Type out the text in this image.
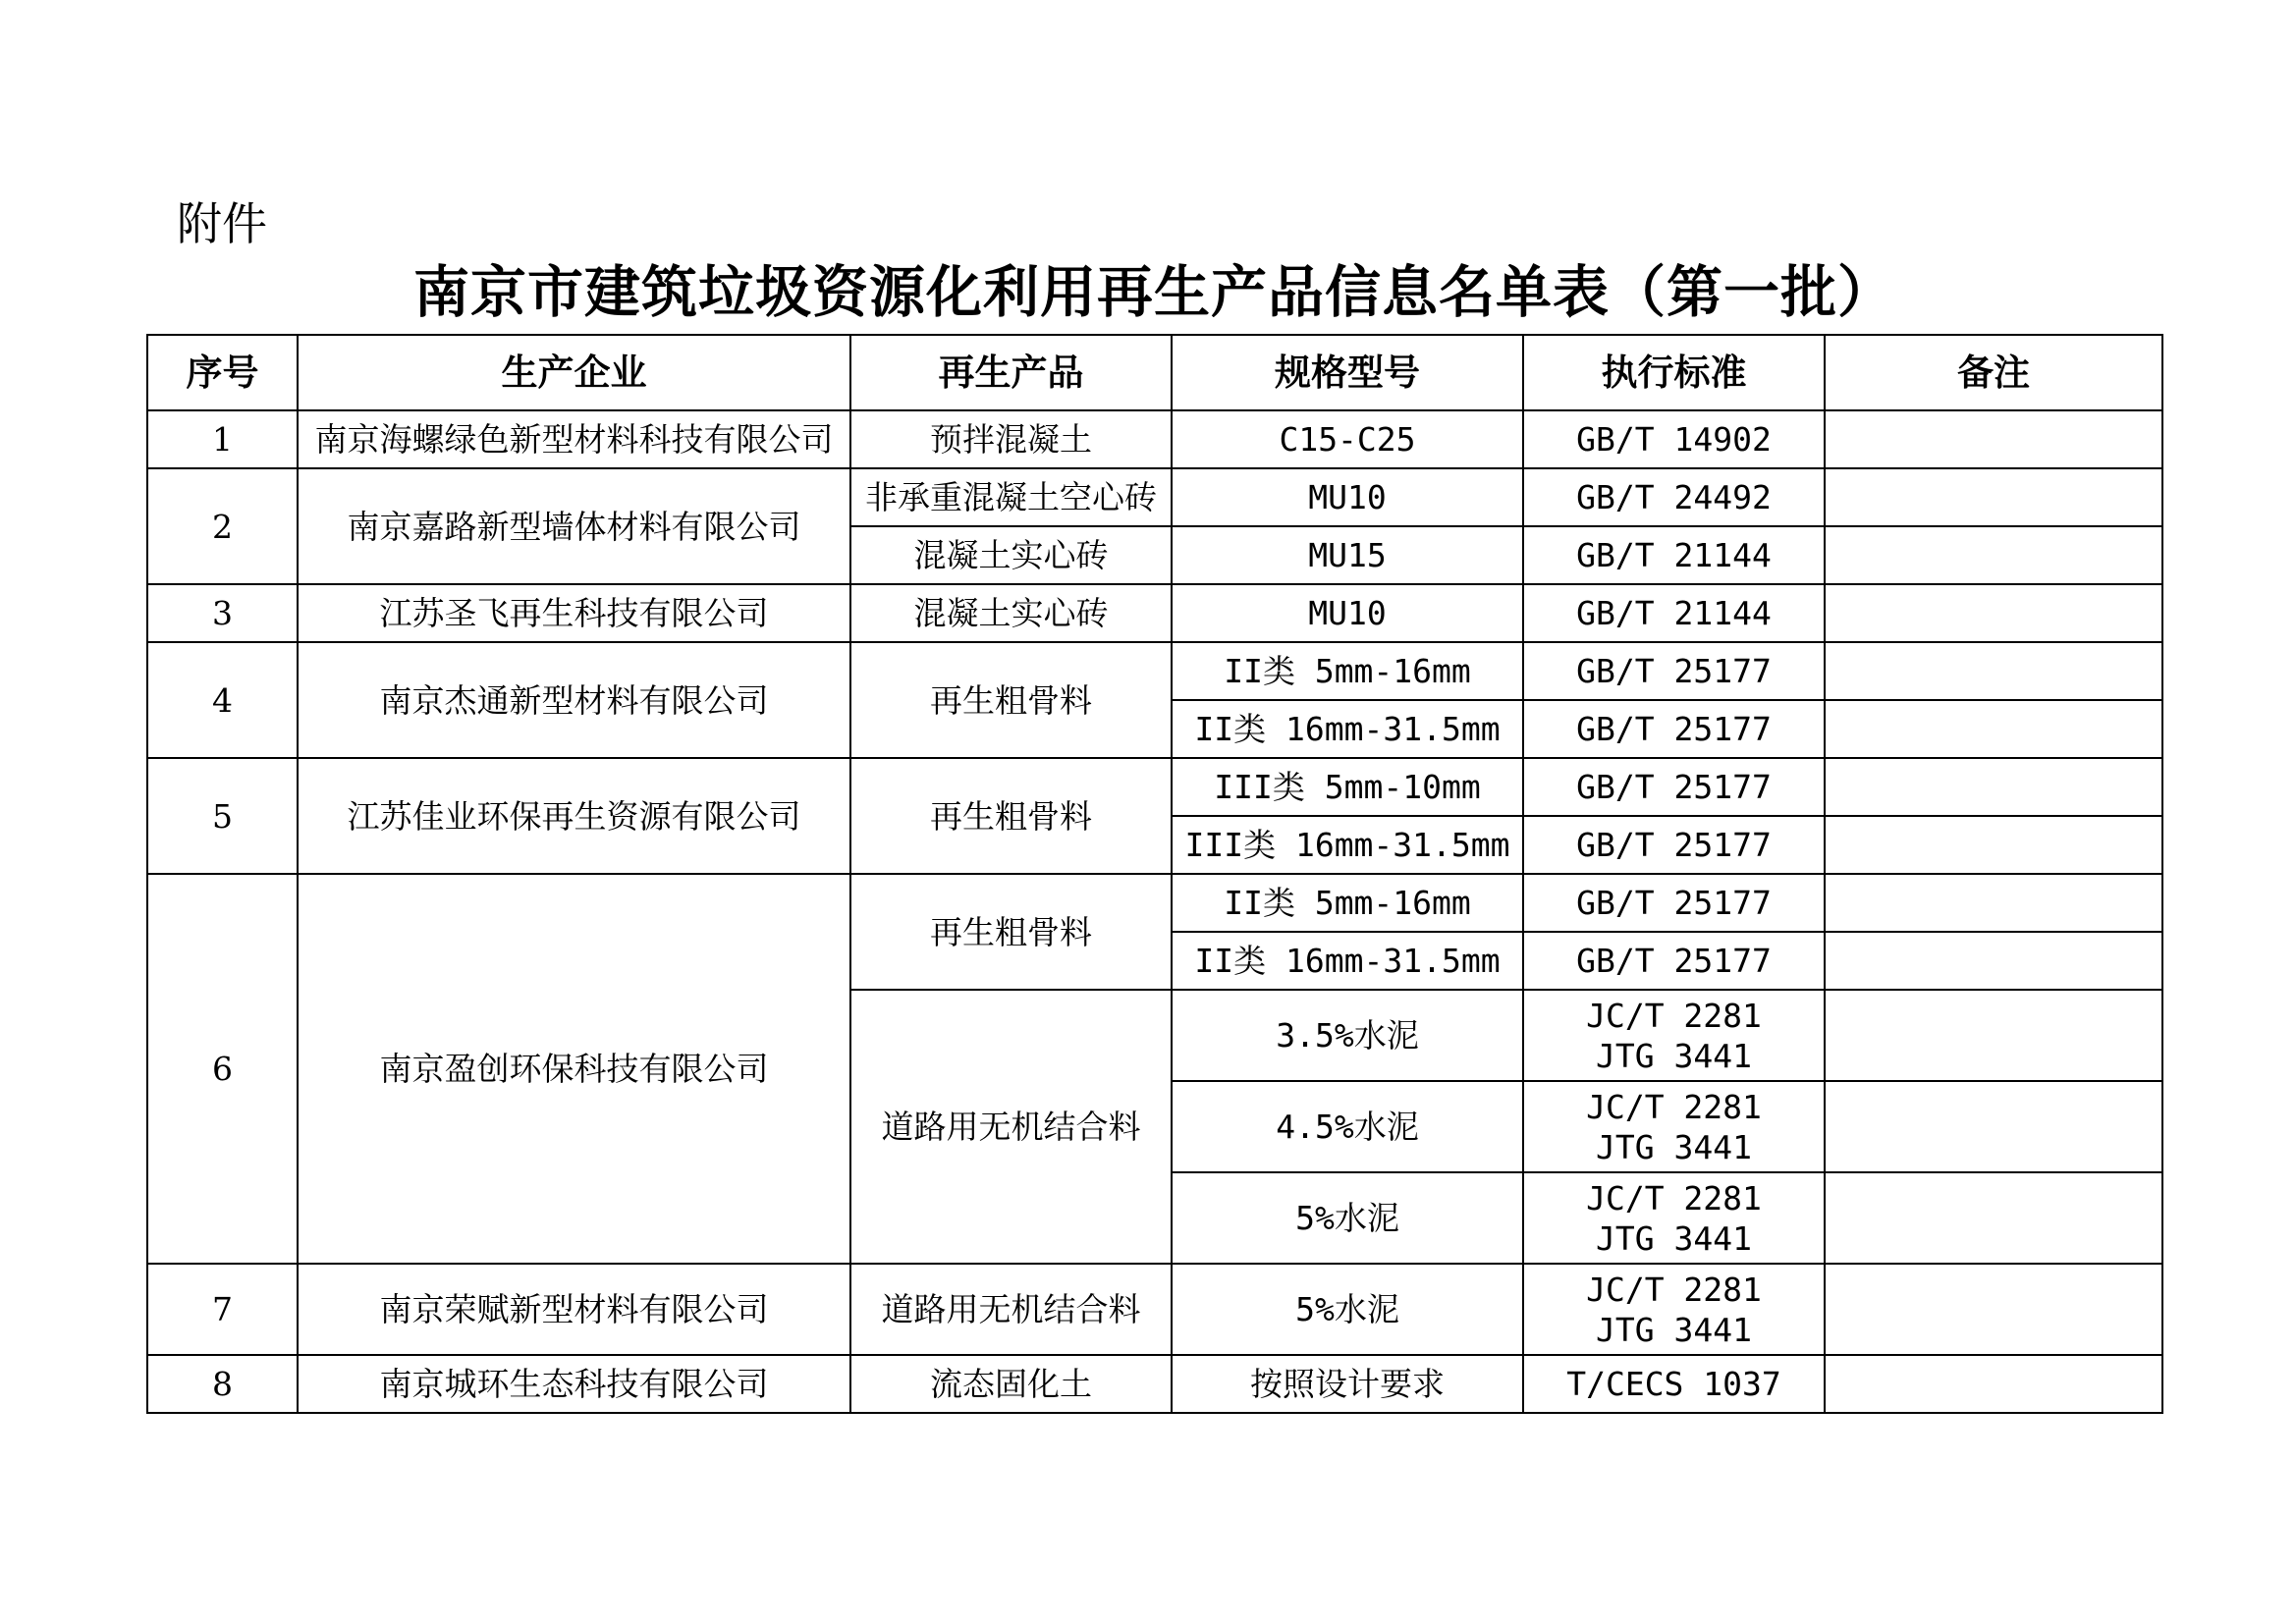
附件
南京市建筑垃圾资源化利用再生产品信息名单表（第一批）
序号	生产企业	再生产品	规格型号	执行标准	备注
1	南京海螺绿色新型材料科技有限公司	预拌混凝土	C15-C25	GB/T 14902	
2	南京嘉路新型墙体材料有限公司	非承重混凝土空心砖	MU10	GB/T 24492	
		混凝土实心砖	MU15	GB/T 21144	
3	江苏圣飞再生科技有限公司	混凝土实心砖	MU10	GB/T 21144	
4	南京杰通新型材料有限公司	再生粗骨料	II类 5mm-16mm	GB/T 25177	
			II类 16mm-31.5mm	GB/T 25177	
5	江苏佳业环保再生资源有限公司	再生粗骨料	III类 5mm-10mm	GB/T 25177	
			III类 16mm-31.5mm	GB/T 25177	
6	南京盈创环保科技有限公司	再生粗骨料	II类 5mm-16mm	GB/T 25177	
			II类 16mm-31.5mm	GB/T 25177	
		道路用无机结合料	3.5%水泥	JC/T 2281
JTG 3441	

			4.5%水泥	JC/T 2281
JTG 3441	

			5%水泥	JC/T 2281
JTG 3441	

7	南京荣赋新型材料有限公司	道路用无机结合料	5%水泥	JC/T 2281
JTG 3441	

8	南京城环生态科技有限公司	流态固化土	按照设计要求	T/CECS 1037	
